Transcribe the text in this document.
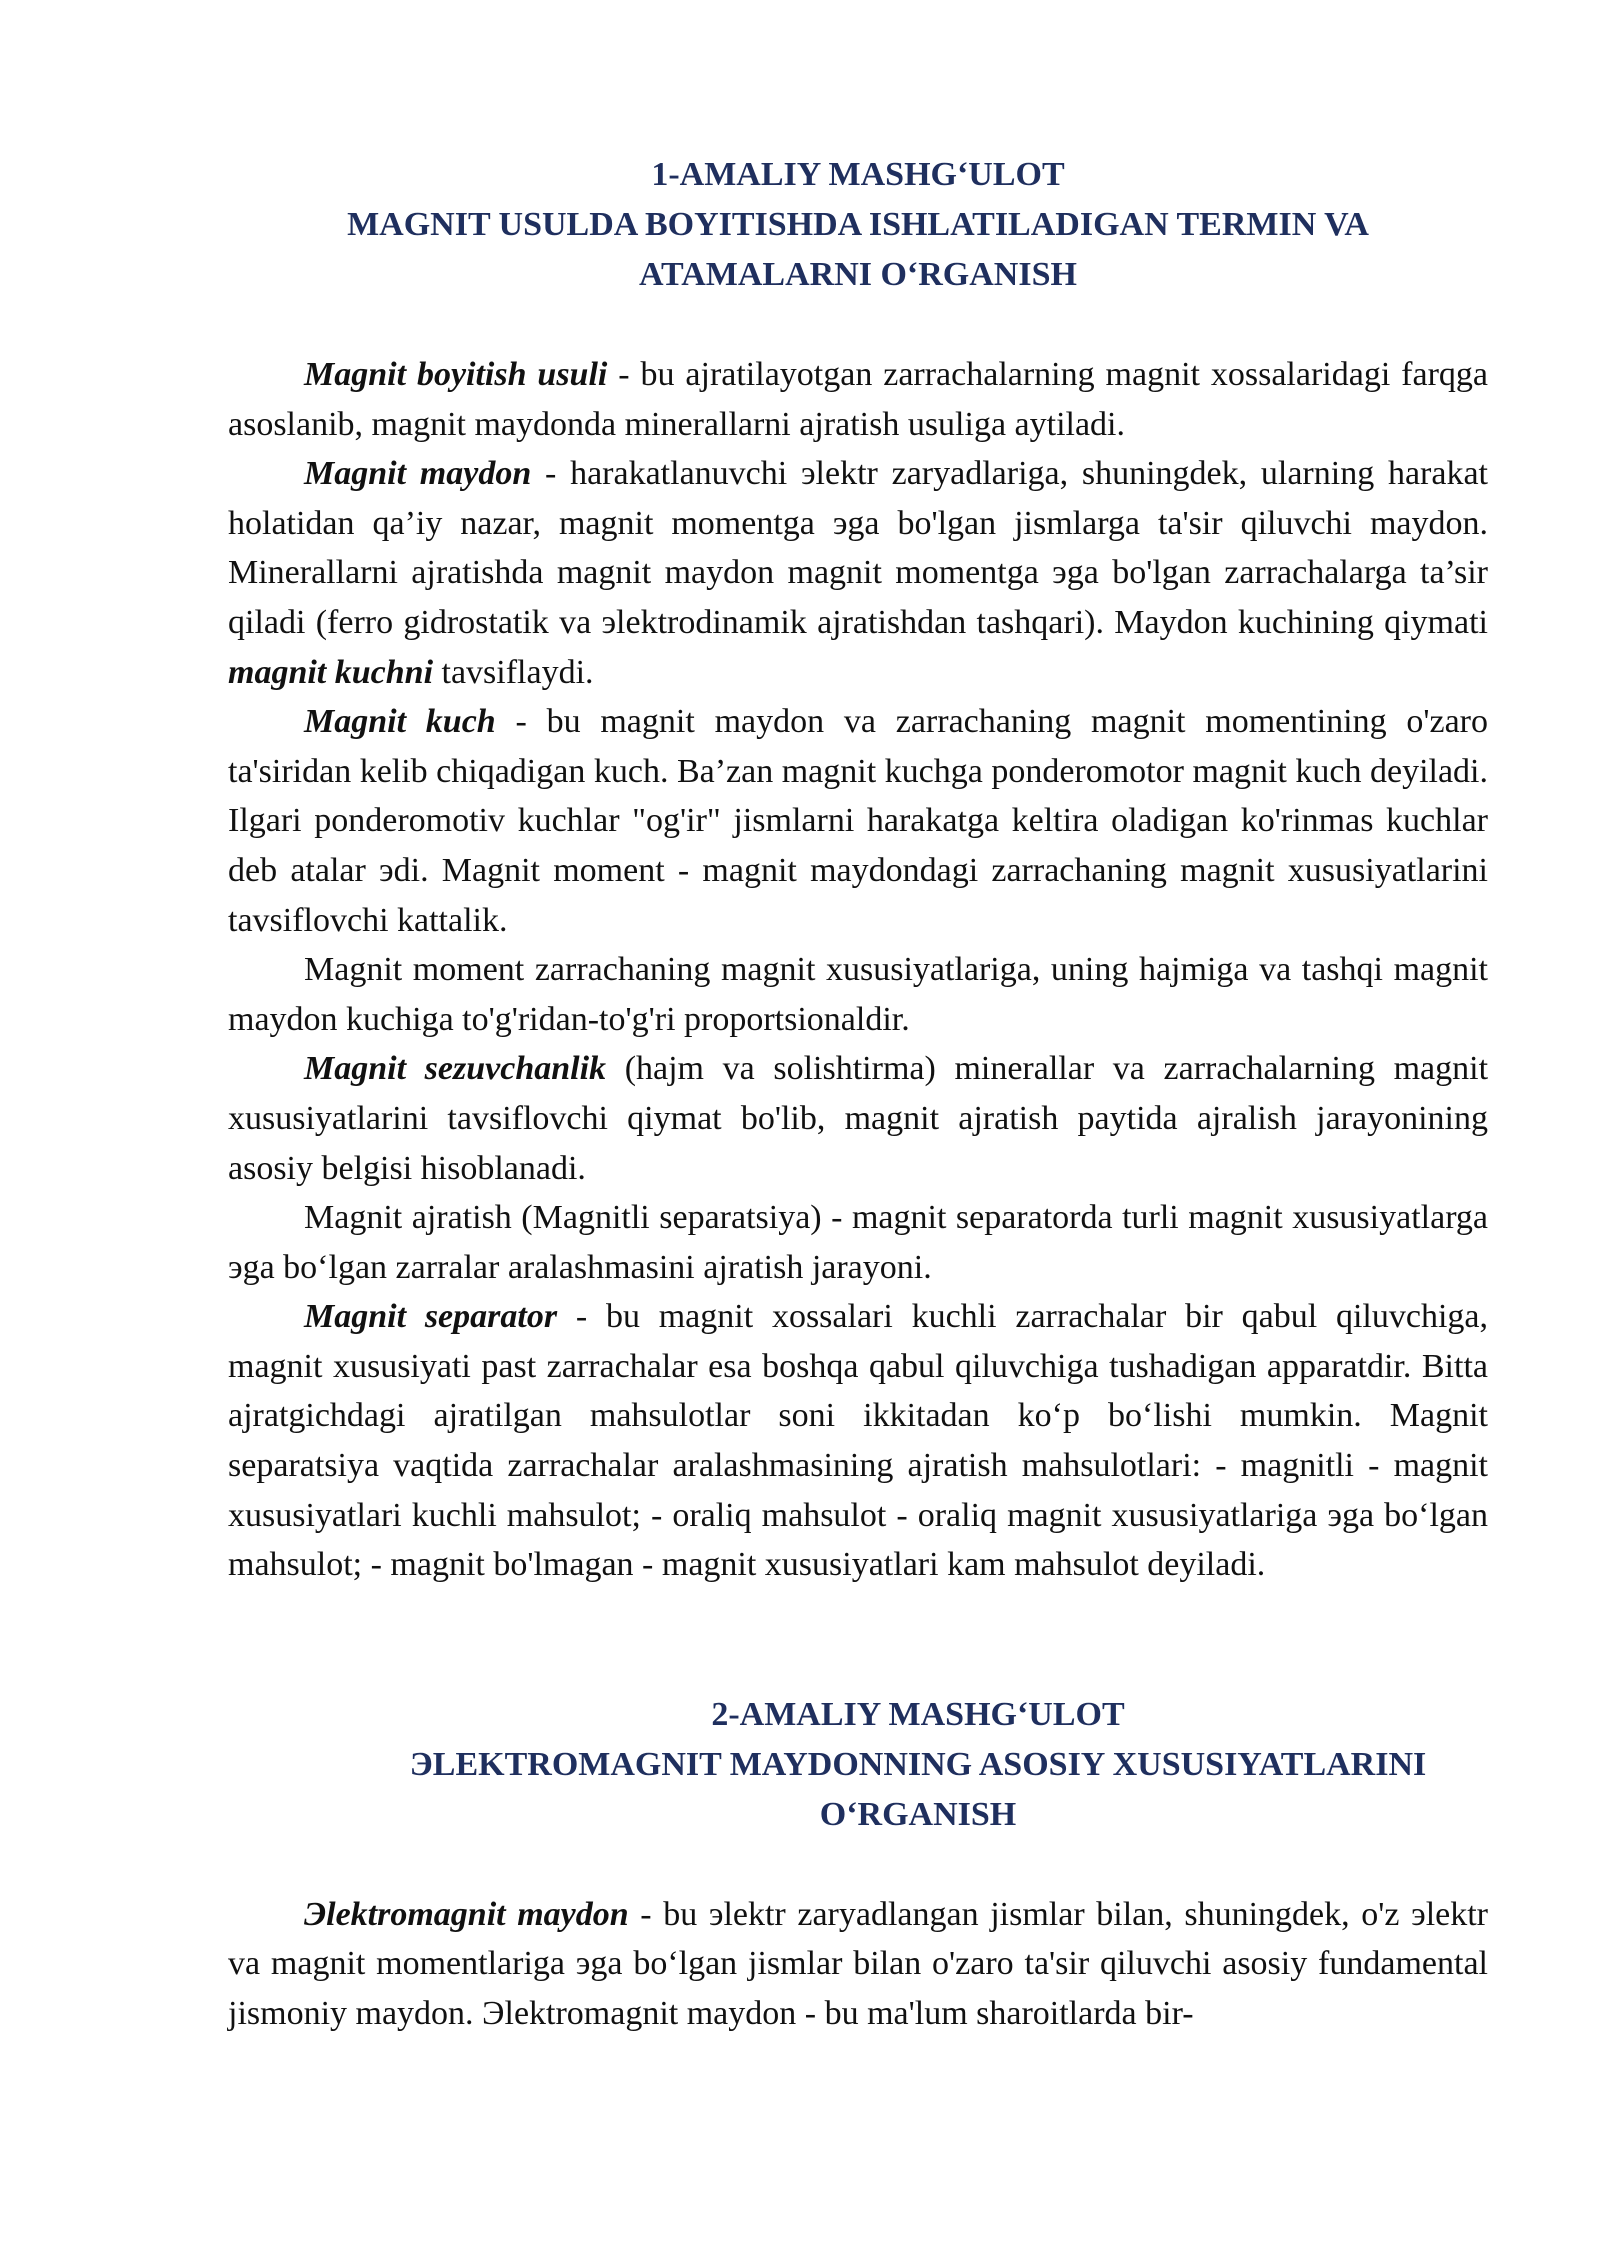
1-AMALIY MASHG‘ULOT
MAGNIT USULDA BOYITISHDA ISHLATILADIGAN TERMIN VA
ATAMALARNI O‘RGANISH

Magnit boyitish usuli - bu ajratilayotgan zarrachalarning magnit xossalaridagi farqga asoslanib, magnit maydonda minerallarni ajratish usuliga aytiladi.

Magnit maydon - harakatlanuvchi эlektr zaryadlariga, shuningdek, ularning harakat holatidan qa’iy nazar, magnit momentga эga bo'lgan jismlarga ta'sir qiluvchi maydon. Minerallarni ajratishda magnit maydon magnit momentga эga bo'lgan zarrachalarga ta’sir qiladi (ferro gidrostatik va эlektrodinamik ajratishdan tashqari). Maydon kuchining qiymati magnit kuchni tavsiflaydi.

Magnit kuch - bu magnit maydon va zarrachaning magnit momentining o'zaro ta'siridan kelib chiqadigan kuch. Ba’zan magnit kuchga ponderomotor magnit kuch deyiladi. Ilgari ponderomotiv kuchlar "og'ir" jismlarni harakatga keltira oladigan ko'rinmas kuchlar deb atalar эdi. Magnit moment - magnit maydondagi zarrachaning magnit xususiyatlarini tavsiflovchi kattalik.

Magnit moment zarrachaning magnit xususiyatlariga, uning hajmiga va tashqi magnit maydon kuchiga to'g'ridan-to'g'ri proportsionaldir.

Magnit sezuvchanlik (hajm va solishtirma) minerallar va zarrachalarning magnit xususiyatlarini tavsiflovchi qiymat bo'lib, magnit ajratish paytida ajralish jarayonining asosiy belgisi hisoblanadi.

Magnit ajratish (Magnitli separatsiya) - magnit separatorda turli magnit xususiyatlarga эga bo‘lgan zarralar aralashmasini ajratish jarayoni.

Magnit separator - bu magnit xossalari kuchli zarrachalar bir qabul qiluvchiga, magnit xususiyati past zarrachalar esa boshqa qabul qiluvchiga tushadigan apparatdir. Bitta ajratgichdagi ajratilgan mahsulotlar soni ikkitadan ko‘p bo‘lishi mumkin. Magnit separatsiya vaqtida zarrachalar aralashmasining ajratish mahsulotlari: - magnitli - magnit xususiyatlari kuchli mahsulot; - oraliq mahsulot - oraliq magnit xususiyatlariga эga bo‘lgan mahsulot; - magnit bo'lmagan - magnit xususiyatlari kam mahsulot deyiladi.

2-AMALIY MASHG‘ULOT
ЭLEKTROMAGNIT MAYDONNING ASOSIY XUSUSIYATLARINI
O‘RGANISH

Эlektromagnit maydon - bu эlektr zaryadlangan jismlar bilan, shuningdek, o'z эlektr va magnit momentlariga эga bo‘lgan jismlar bilan o'zaro ta'sir qiluvchi asosiy fundamental jismoniy maydon. Эlektromagnit maydon - bu ma'lum sharoitlarda bir-
